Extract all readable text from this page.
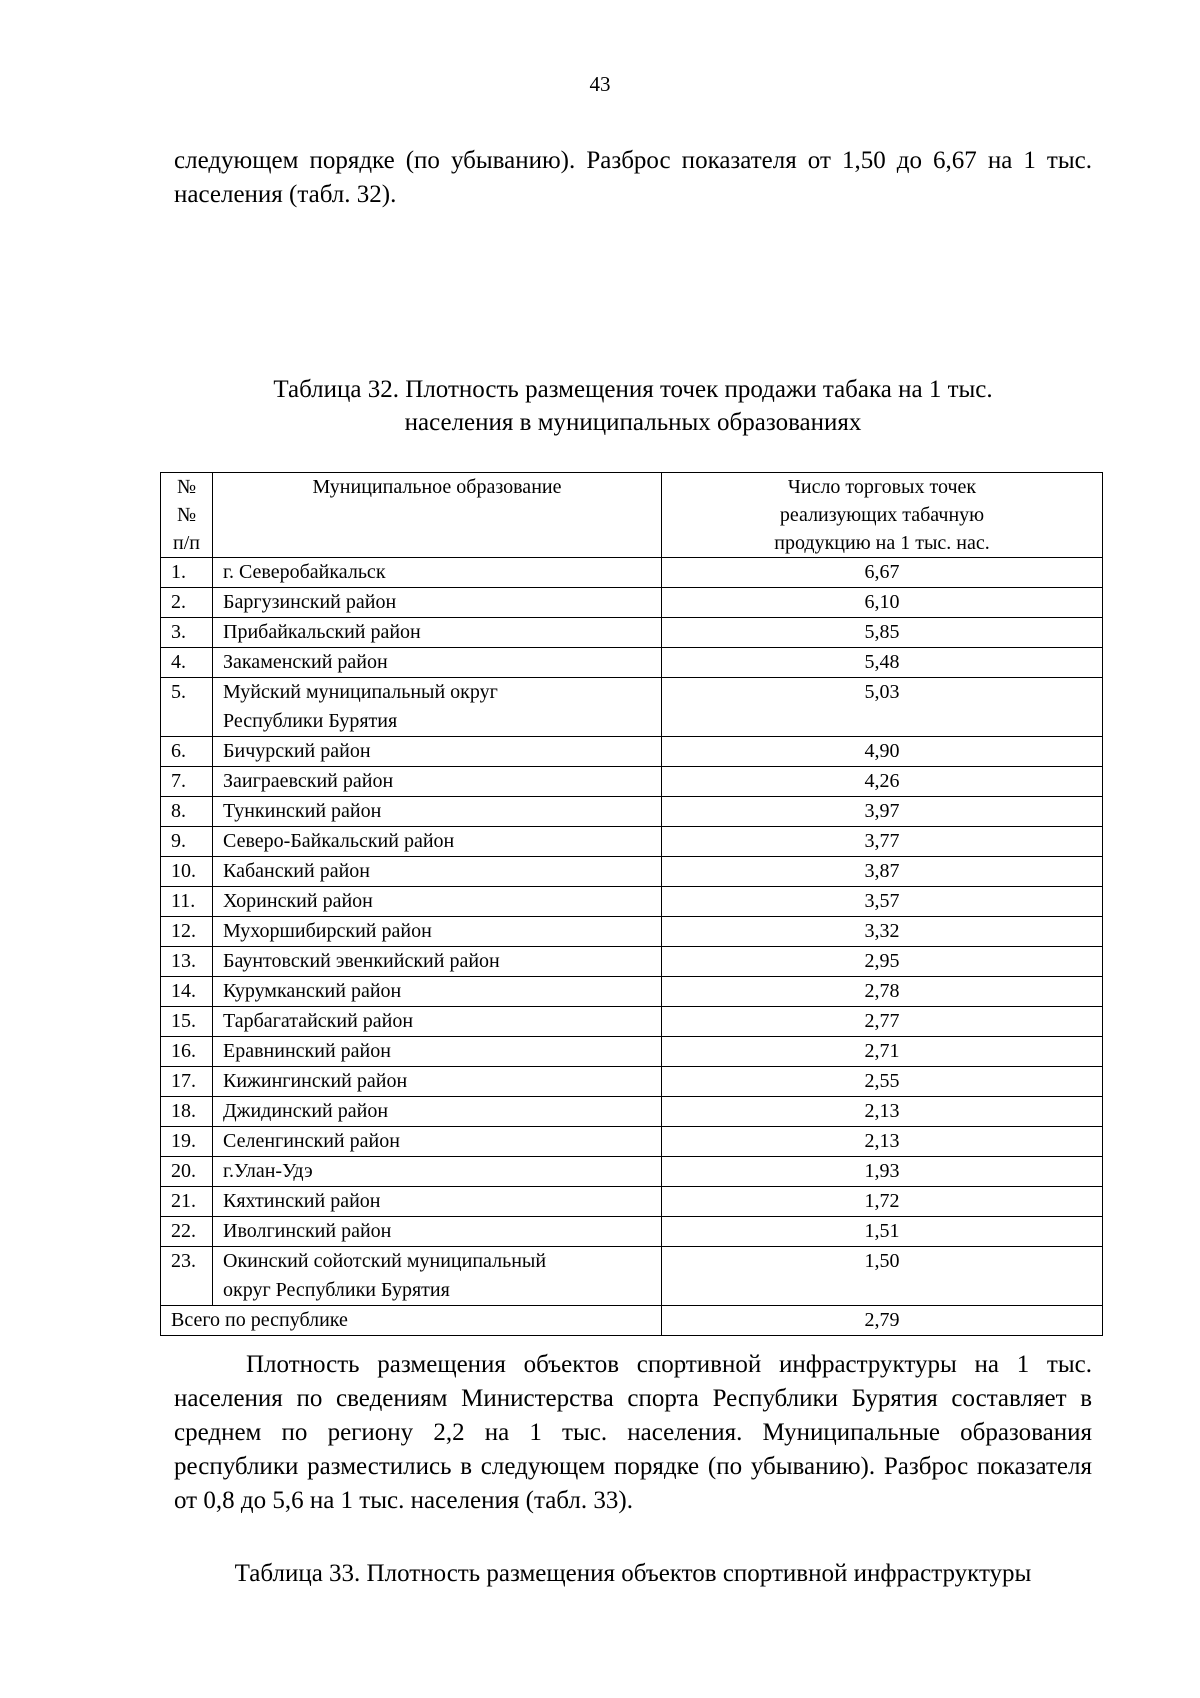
43

следующем порядке (по убыванию). Разброс показателя от 1,50 до 6,67 на 1 тыс. населения (табл. 32).

Таблица 32. Плотность размещения точек продажи табака на 1 тыс.
населения в муниципальных образованиях
№ №
п/п	Муниципальное образование	Число торговых точек
реализующих табачную
продукцию на 1 тыс. нас.

1.	г. Северобайкальск	6,67
2.	Баргузинский район	6,10
3.	Прибайкальский район	5,85
4.	Закаменский район	5,48
5.	Муйский муниципальный округ
Республики Бурятия	5,03
6.	Бичурский район	4,90
7.	Заиграевский район	4,26
8.	Тункинский район	3,97
9.	Северо-Байкальский район	3,77
10.	Кабанский район	3,87
11.	Хоринский район	3,57
12.	Мухоршибирский район	3,32
13.	Баунтовский эвенкийский район	2,95
14.	Курумканский район	2,78
15.	Тарбагатайский район	2,77
16.	Еравнинский район	2,71
17.	Кижингинский район	2,55
18.	Джидинский район	2,13
19.	Селенгинский район	2,13
20.	г.Улан-Удэ	1,93
21.	Кяхтинский район	1,72
22.	Иволгинский район	1,51
23.	Окинский сойотский муниципальный
округ Республики Бурятия	1,50
Всего по республике		2,79

Плотность размещения объектов спортивной инфраструктуры на 1 тыс. населения по сведениям Министерства спорта Республики Бурятия составляет в среднем по региону 2,2 на 1 тыс. населения. Муниципальные образования республики разместились в следующем порядке (по убыванию). Разброс показателя от 0,8 до 5,6 на 1 тыс. населения (табл. 33).

Таблица 33. Плотность размещения объектов спортивной инфраструктуры
